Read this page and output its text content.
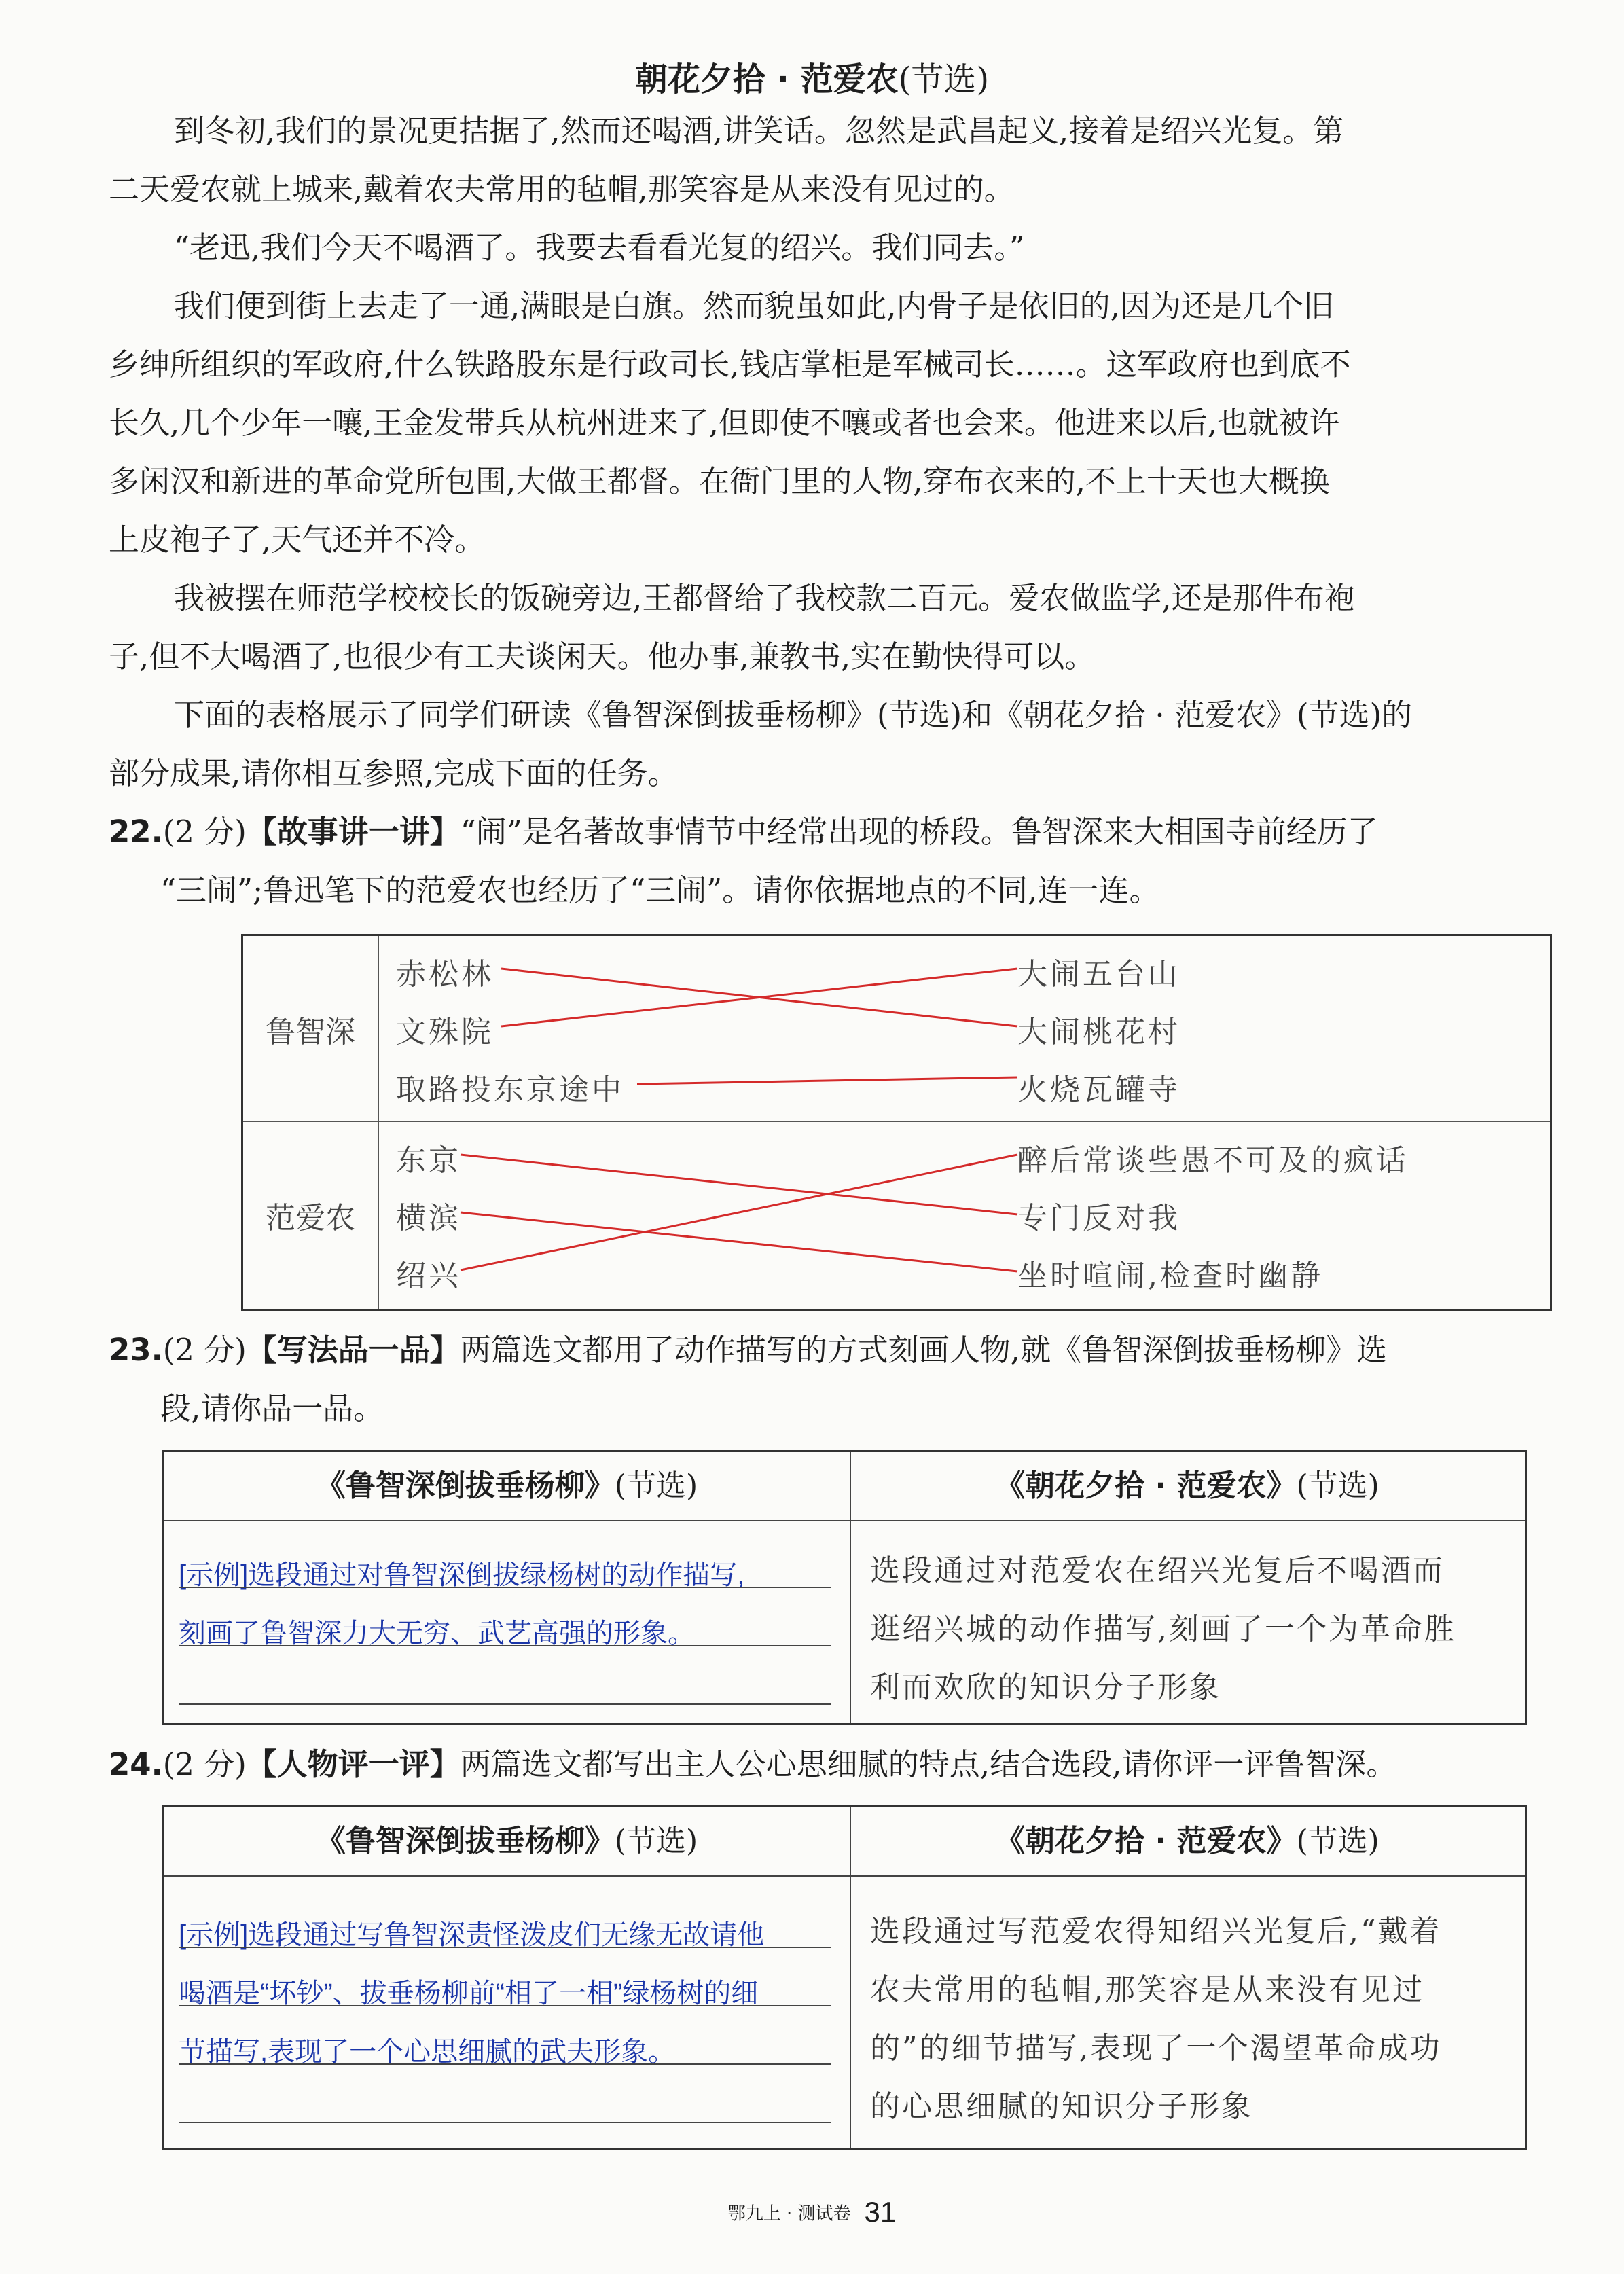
朝花夕拾 · 范爱农(节选)
到冬初,我们的景况更拮据了,然而还喝酒,讲笑话。忽然是武昌起义,接着是绍兴光复。第
二天爱农就上城来,戴着农夫常用的毡帽,那笑容是从来没有见过的。
“老迅,我们今天不喝酒了。我要去看看光复的绍兴。我们同去。”
我们便到街上去走了一通,满眼是白旗。然而貌虽如此,内骨子是依旧的,因为还是几个旧
乡绅所组织的军政府,什么铁路股东是行政司长,钱店掌柜是军械司长……。这军政府也到底不
长久,几个少年一嚷,王金发带兵从杭州进来了,但即使不嚷或者也会来。他进来以后,也就被许
多闲汉和新进的革命党所包围,大做王都督。在衙门里的人物,穿布衣来的,不上十天也大概换
上皮袍子了,天气还并不冷。
我被摆在师范学校校长的饭碗旁边,王都督给了我校款二百元。爱农做监学,还是那件布袍
子,但不大喝酒了,也很少有工夫谈闲天。他办事,兼教书,实在勤快得可以。
下面的表格展示了同学们研读《鲁智深倒拔垂杨柳》(节选)和《朝花夕拾 · 范爱农》(节选)的
部分成果,请你相互参照,完成下面的任务。
22.(2 分)【故事讲一讲】“闹”是名著故事情节中经常出现的桥段。鲁智深来大相国寺前经历了
“三闹”;鲁迅笔下的范爱农也经历了“三闹”。请你依据地点的不同,连一连。
鲁智深
赤松林
文殊院
取路投东京途中
大闹五台山
大闹桃花村
火烧瓦罐寺
范爱农
东京
横滨
绍兴
醉后常谈些愚不可及的疯话
专门反对我
坐时喧闹,检查时幽静
23.(2 分)【写法品一品】两篇选文都用了动作描写的方式刻画人物,就《鲁智深倒拔垂杨柳》选
段,请你品一品。
《鲁智深倒拔垂杨柳》(节选)	《朝花夕拾 · 范爱农》(节选)
[示例]选段通过对鲁智深倒拔绿杨树的动作描写,
刻画了鲁智深力大无穷、武艺高强的形象。
选段通过对范爱农在绍兴光复后不喝酒而
逛绍兴城的动作描写,刻画了一个为革命胜
利而欢欣的知识分子形象
24.(2 分)【人物评一评】两篇选文都写出主人公心思细腻的特点,结合选段,请你评一评鲁智深。
《鲁智深倒拔垂杨柳》(节选)	《朝花夕拾 · 范爱农》(节选)
[示例]选段通过写鲁智深责怪泼皮们无缘无故请他
喝酒是“坏钞”、拔垂杨柳前“相了一相”绿杨树的细
节描写,表现了一个心思细腻的武夫形象。
选段通过写范爱农得知绍兴光复后,“戴着
农夫常用的毡帽,那笑容是从来没有见过
的”的细节描写,表现了一个渴望革命成功
的心思细腻的知识分子形象
鄂九上 · 测试卷 31
